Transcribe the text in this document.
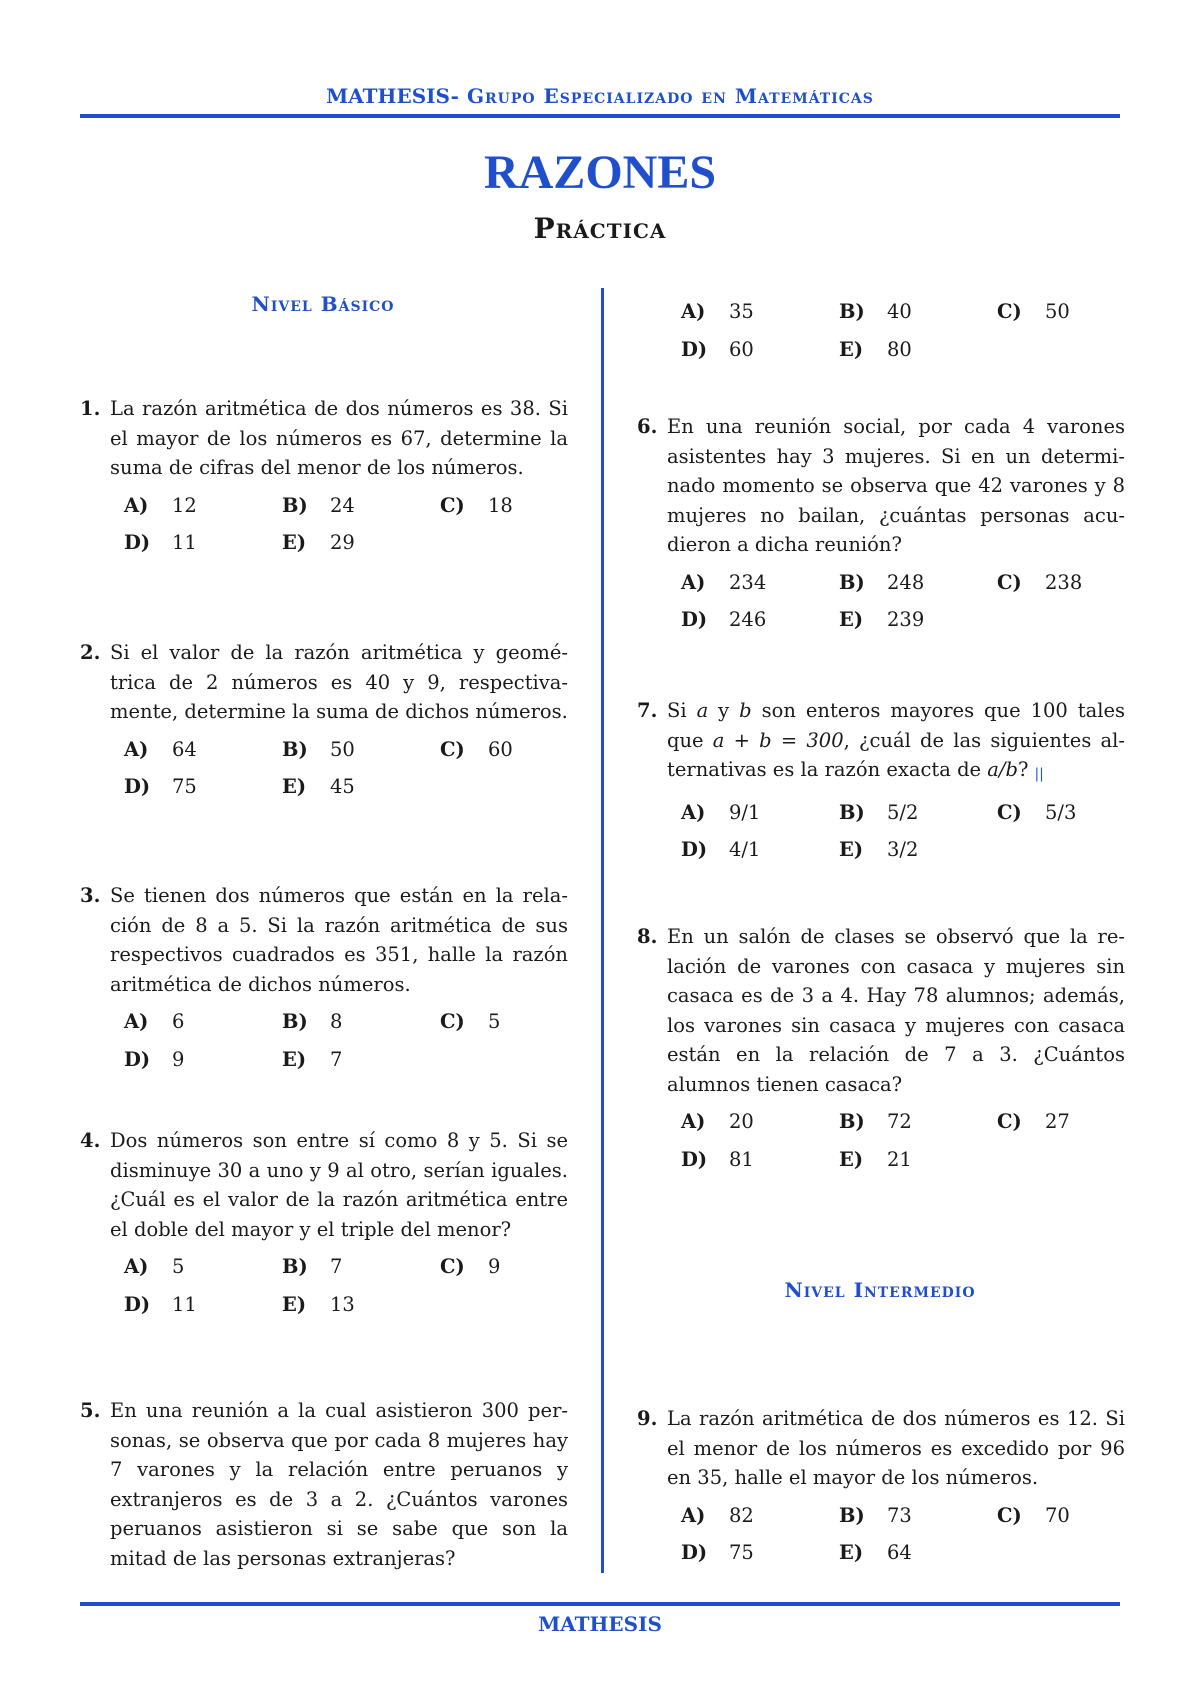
MATHESIS- Grupo Especializado en Matemáticas
RAZONES
Práctica
Nivel Básico
1. La razón aritmética de dos números es 38. Si el mayor de los números es 67, determine la suma de cifras del menor de los números.
A) 12	B) 24	C) 18
D) 11	E) 29
2. Si el valor de la razón aritmética y geométrica de 2 números es 40 y 9, respectivamente, determine la suma de dichos números.
A) 64	B) 50	C) 60
D) 75	E) 45
3. Se tienen dos números que están en la relación de 8 a 5. Si la razón aritmética de sus respectivos cuadrados es 351, halle la razón aritmética de dichos números.
A) 6	B) 8	C) 5
D) 9	E) 7
4. Dos números son entre sí como 8 y 5. Si se disminuye 30 a uno y 9 al otro, serían iguales. ¿Cuál es el valor de la razón aritmética entre el doble del mayor y el triple del menor?
A) 5	B) 7	C) 9
D) 11	E) 13
5. En una reunión a la cual asistieron 300 personas, se observa que por cada 8 mujeres hay 7 varones y la relación entre peruanos y extranjeros es de 3 a 2. ¿Cuántos varones peruanos asistieron si se sabe que son la mitad de las personas extranjeras?
A) 35	B) 40	C) 50
D) 60	E) 80
6. En una reunión social, por cada 4 varones asistentes hay 3 mujeres. Si en un determinado momento se observa que 42 varones y 8 mujeres no bailan, ¿cuántas personas acudieron a dicha reunión?
A) 234	B) 248	C) 238
D) 246	E) 239
7. Si a y b son enteros mayores que 100 tales que a + b = 300, ¿cuál de las siguientes alternativas es la razón exacta de a/b? ||
A) 9/1	B) 5/2	C) 5/3
D) 4/1	E) 3/2
8. En un salón de clases se observó que la relación de varones con casaca y mujeres sin casaca es de 3 a 4. Hay 78 alumnos; además, los varones sin casaca y mujeres con casaca están en la relación de 7 a 3. ¿Cuántos alumnos tienen casaca?
A) 20	B) 72	C) 27
D) 81	E) 21
Nivel Intermedio
9. La razón aritmética de dos números es 12. Si el menor de los números es excedido por 96 en 35, halle el mayor de los números.
A) 82	B) 73	C) 70
D) 75	E) 64
MATHESIS
